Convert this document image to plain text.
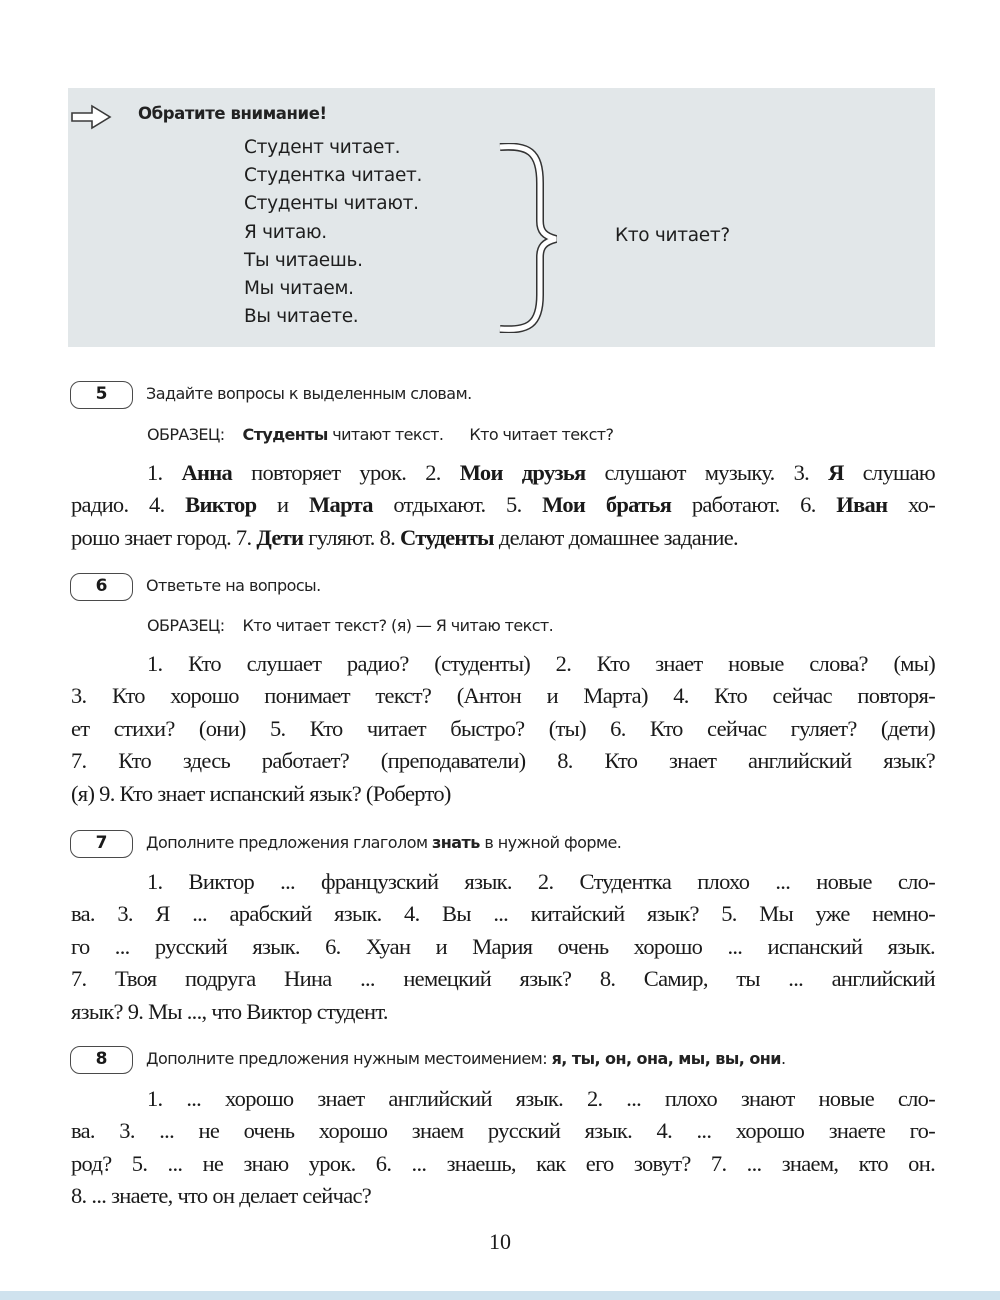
Обратите внимание!
Студент читает.
Студентка читает.
Студенты читают.
Я читаю.
Ты читаешь.
Мы читаем.
Вы читаете.
Кто читает?
5	Задайте вопросы к выделенным словам.
ОБРАЗЕЦ: Студенты читают текст. Кто читает текст?
1. Анна повторяет урок. 2. Мои друзья слушают музыку. 3. Я слушаю
радио. 4. Виктор и Марта отдыхают. 5. Мои братья работают. 6. Иван хо-
рошо знает город. 7. Дети гуляют. 8. Студенты делают домашнее задание.
6	Ответьте на вопросы.
ОБРАЗЕЦ: Кто читает текст? (я) — Я читаю текст.
1. Кто слушает радио? (студенты) 2. Кто знает новые слова? (мы)
3. Кто хорошо понимает текст? (Антон и Марта) 4. Кто сейчас повторя-
ет стихи? (они) 5. Кто читает быстро? (ты) 6. Кто сейчас гуляет? (дети)
7. Кто здесь работает? (преподаватели) 8. Кто знает английский язык?
(я) 9. Кто знает испанский язык? (Роберто)
7	Дополните предложения глаголом знать в нужной форме.
1. Виктор ... французский язык. 2. Студентка плохо ... новые сло-
ва. 3. Я ... арабский язык. 4. Вы ... китайский язык? 5. Мы уже немно-
го ... русский язык. 6. Хуан и Мария очень хорошо ... испанский язык.
7. Твоя подруга Нина ... немецкий язык? 8. Самир, ты ... английский
язык? 9. Мы ..., что Виктор студент.
8	Дополните предложения нужным местоимением: я, ты, он, она, мы, вы, они.
1. ... хорошо знает английский язык. 2. ... плохо знают новые сло-
ва. 3. ... не очень хорошо знаем русский язык. 4. ... хорошо знаете го-
род? 5. ... не знаю урок. 6. ... знаешь, как его зовут? 7. ... знаем, кто он.
8. ... знаете, что он делает сейчас?
10
